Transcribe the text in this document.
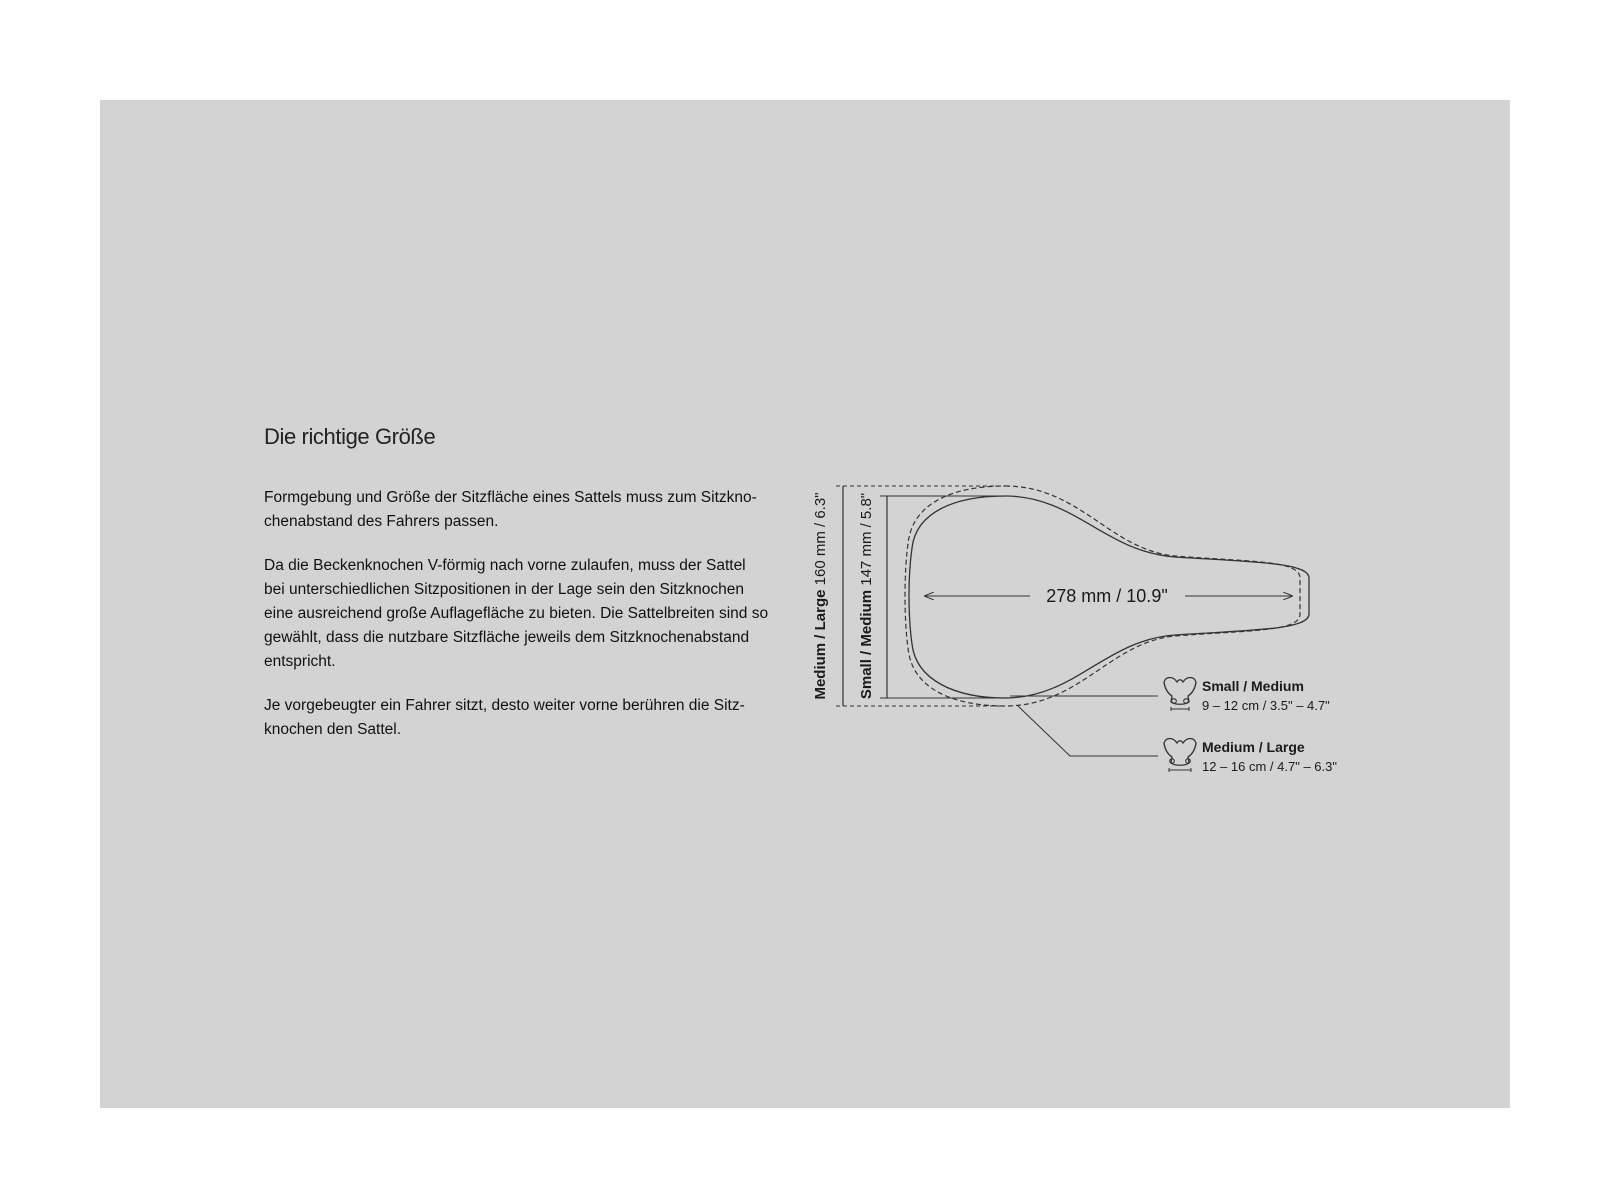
Die richtige Größe

Formgebung und Größe der Sitzfläche eines Sattels muss zum Sitzkno-
chenabstand des Fahrers passen.

Da die Beckenknochen V-förmig nach vorne zulaufen, muss der Sattel
bei unterschiedlichen Sitzpositionen in der Lage sein den Sitzknochen
eine ausreichend große Auflagefläche zu bieten. Die Sattelbreiten sind so
gewählt, dass die nutzbare Sitzfläche jeweils dem Sitzknochenabstand
entspricht.

Je vorgebeugter ein Fahrer sitzt, desto weiter vorne berühren die Sitz-
knochen den Sattel.

278 mm / 10.9"
Medium / Large 160 mm / 6.3"
Small / Medium 147 mm / 5.8"
Small / Medium
9 – 12 cm / 3.5" – 4.7"
Medium / Large
12 – 16 cm / 4.7" – 6.3"
